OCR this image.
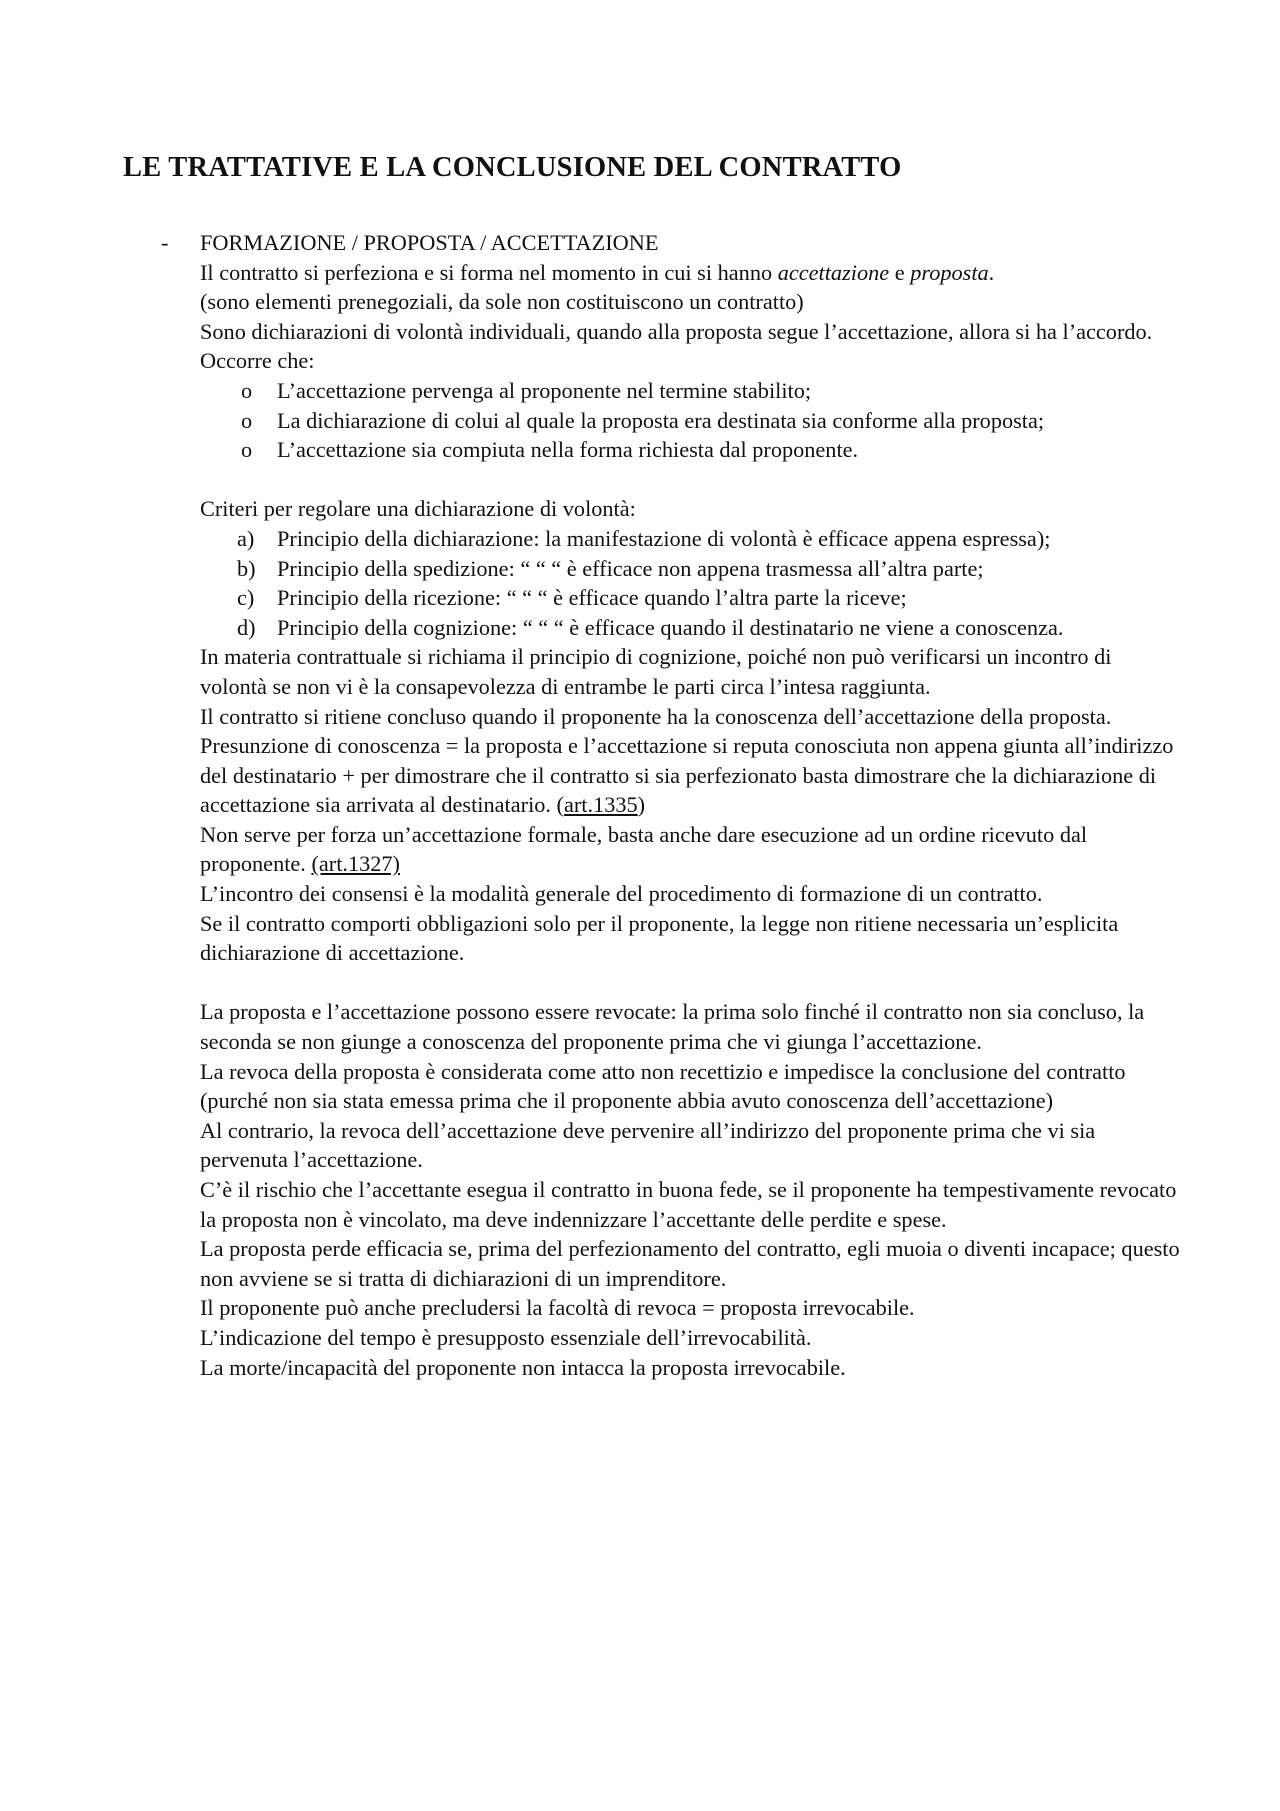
LE TRATTATIVE E LA CONCLUSIONE DEL CONTRATTO
- FORMAZIONE / PROPOSTA / ACCETTAZIONE

Il contratto si perfeziona e si forma nel momento in cui si hanno accettazione e proposta.

(sono elementi prenegoziali, da sole non costituiscono un contratto)

Sono dichiarazioni di volontà individuali, quando alla proposta segue l’accettazione, allora si ha l’accordo.

Occorre che:

o L’accettazione pervenga al proponente nel termine stabilito;
o La dichiarazione di colui al quale la proposta era destinata sia conforme alla proposta;
o L’accettazione sia compiuta nella forma richiesta dal proponente.

Criteri per regolare una dichiarazione di volontà:

a) Principio della dichiarazione: la manifestazione di volontà è efficace appena espressa);
b) Principio della spedizione: “ “ “ è efficace non appena trasmessa all’altra parte;
c) Principio della ricezione: “ “ “ è efficace quando l’altra parte la riceve;
d) Principio della cognizione: “ “ “ è efficace quando il destinatario ne viene a conoscenza.

In materia contrattuale si richiama il principio di cognizione, poiché non può verificarsi un incontro di volontà se non vi è la consapevolezza di entrambe le parti circa l’intesa raggiunta.

Il contratto si ritiene concluso quando il proponente ha la conoscenza dell’accettazione della proposta.

Presunzione di conoscenza = la proposta e l’accettazione si reputa conosciuta non appena giunta all’indirizzo del destinatario + per dimostrare che il contratto si sia perfezionato basta dimostrare che la dichiarazione di accettazione sia arrivata al destinatario. (art.1335)

Non serve per forza un’accettazione formale, basta anche dare esecuzione ad un ordine ricevuto dal proponente. (art.1327)

L’incontro dei consensi è la modalità generale del procedimento di formazione di un contratto.

Se il contratto comporti obbligazioni solo per il proponente, la legge non ritiene necessaria un’esplicita dichiarazione di accettazione.

La proposta e l’accettazione possono essere revocate: la prima solo finché il contratto non sia concluso, la seconda se non giunge a conoscenza del proponente prima che vi giunga l’accettazione.

La revoca della proposta è considerata come atto non recettizio e impedisce la conclusione del contratto (purché non sia stata emessa prima che il proponente abbia avuto conoscenza dell’accettazione)

Al contrario, la revoca dell’accettazione deve pervenire all’indirizzo del proponente prima che vi sia pervenuta l’accettazione.

C’è il rischio che l’accettante esegua il contratto in buona fede, se il proponente ha tempestivamente revocato la proposta non è vincolato, ma deve indennizzare l’accettante delle perdite e spese.

La proposta perde efficacia se, prima del perfezionamento del contratto, egli muoia o diventi incapace; questo non avviene se si tratta di dichiarazioni di un imprenditore.

Il proponente può anche precludersi la facoltà di revoca = proposta irrevocabile.

L’indicazione del tempo è presupposto essenziale dell’irrevocabilità.

La morte/incapacità del proponente non intacca la proposta irrevocabile.
